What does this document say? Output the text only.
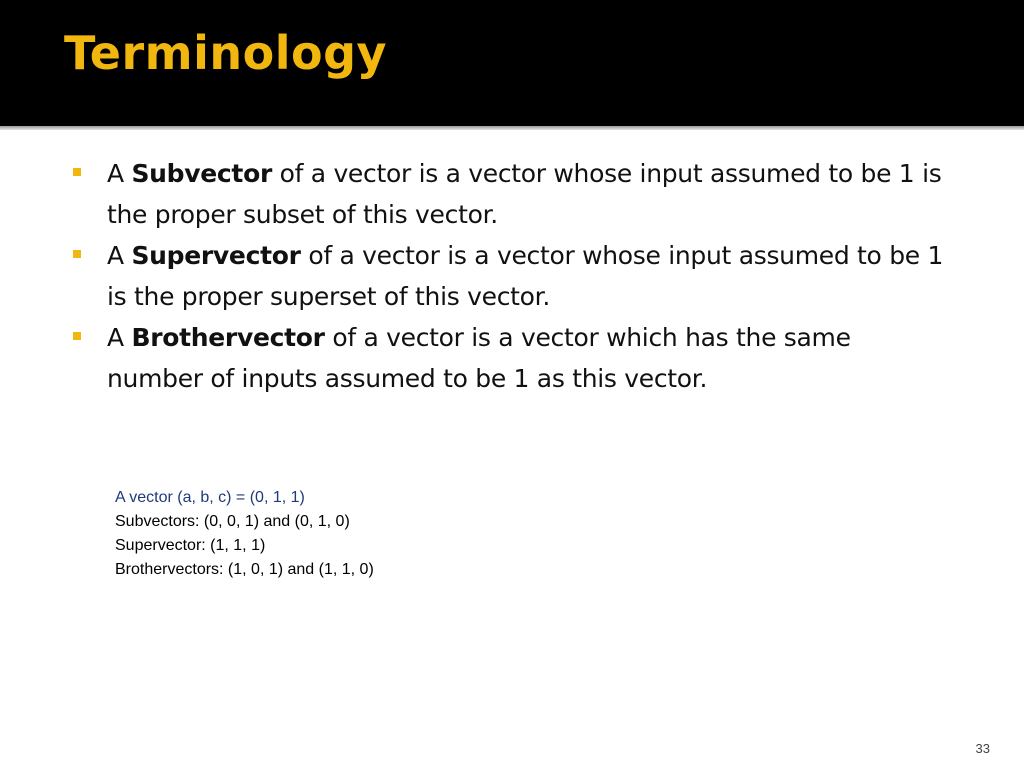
Terminology
A Subvector of a vector is a vector whose input assumed to be 1 is the proper subset of this vector.
A Supervector of a vector is a vector whose input assumed to be 1 is the proper superset of this vector.
A Brothervector of a vector is a vector which has the same number of inputs assumed to be 1 as this vector.
A vector (a, b, c) = (0, 1, 1)
Subvectors: (0, 0, 1) and (0, 1, 0)
Supervector: (1, 1, 1)
Brothervectors: (1, 0, 1) and (1, 1, 0)
33
